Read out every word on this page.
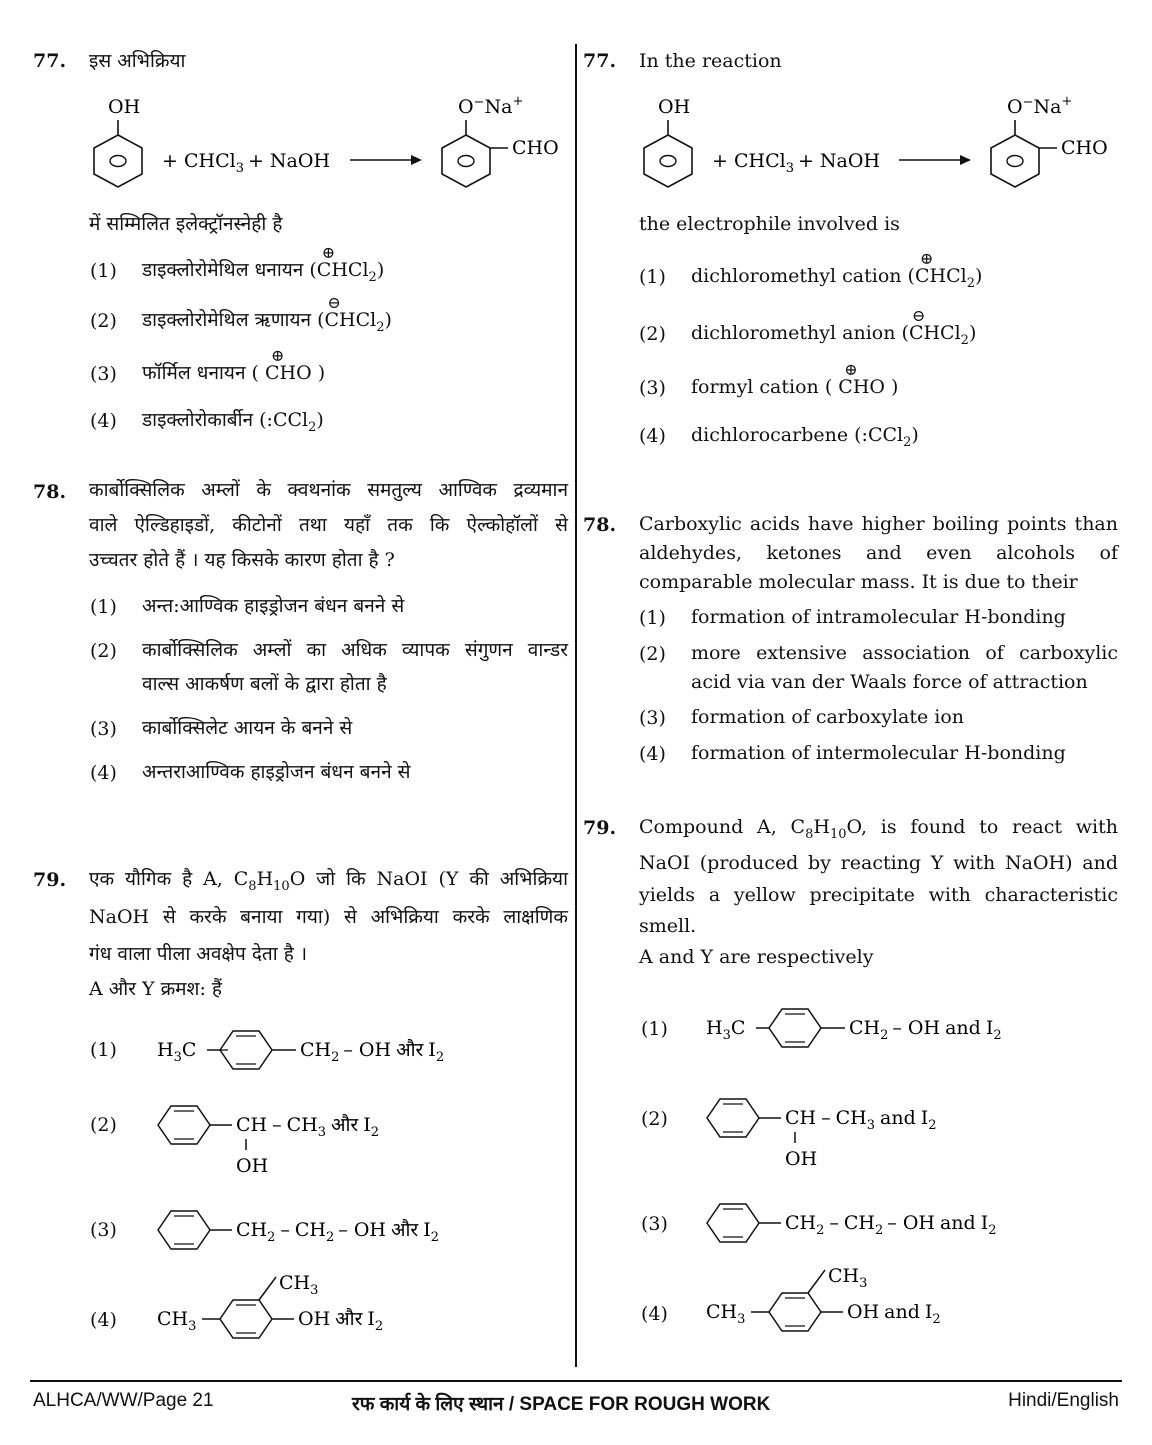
77. इस अभिक्रिया
OH
+ CHCl$_3$ + NaOH
O−Na+
CHO
में सम्मिलित इलेक्ट्रॉनस्नेही है
(1) डाइक्लोरोमेथिल धनायन (
⊕
CHCl$_2$)
(2) डाइक्लोरोमेथिल ऋणायन (
⊖
CHCl$_2$)
(3) फॉर्मिल धनायन (
⊕
CHO )
(4) डाइक्लोरोकार्बीन (:CCl$_2$)
78. कार्बोक्सिलिक अम्लों के क्वथनांक समतुल्य आण्विक द्रव्यमान
वाले ऐल्डिहाइडों, कीटोनों तथा यहाँ तक कि ऐल्कोहॉलों से
उच्चतर होते हैं । यह किसके कारण होता है ?
(1) अन्त:आण्विक हाइड्रोजन बंधन बनने से
(2) कार्बोक्सिलिक अम्लों का अधिक व्यापक संगुणन वान्डर
वाल्स आकर्षण बलों के द्वारा होता है
(3) कार्बोक्सिलेट आयन के बनने से
(4) अन्तराआण्विक हाइड्रोजन बंधन बनने से
79. एक यौगिक है A, $C_8H_{10}O$ जो कि NaOI (Y की अभिक्रिया
NaOH से करके बनाया गया) से अभिक्रिया करके लाक्षणिक
गंध वाला पीला अवक्षेप देता है ।
A और Y क्रमश: हैं
(1) $H_3C$	$CH_2$ – OH और $I_2$
(2)	CH – $CH_3$ और $I_2$
OH
(3)	$CH_2 - CH_2$ – OH और $I_2$
(4) $CH_3$
$CH_3$
OH और $I_2$
77. In the reaction
OH
+ CHCl$_3$ + NaOH
O−Na+
CHO
the electrophile involved is
(1) dichloromethyl cation (
⊕
CHCl$_2$)
(2) dichloromethyl anion (
⊖
CHCl$_2$)
(3) formyl cation (
⊕
CHO )
(4) dichlorocarbene (:CCl$_2$)
78. Carboxylic acids have higher boiling points than
aldehydes, ketones and even alcohols of
comparable molecular mass. It is due to their
(1) formation of intramolecular H-bonding
(2) more extensive association of carboxylic
acid via van der Waals force of attraction
(3) formation of carboxylate ion
(4) formation of intermolecular H-bonding
79. Compound A, $C_8H_{10}O$, is found to react with
NaOI (produced by reacting Y with NaOH) and
yields a yellow precipitate with characteristic
smell.
A and Y are respectively
(1) $H_3C$	$CH_2$ – OH and $I_2$
(2)	CH – $CH_3$ and $I_2$
OH
(3)	$CH_2 - CH_2$ – OH and $I_2$
(4) $CH_3$
$CH_3$
OH and $I_2$
ALHCA/WW/Page 21	रफ कार्य के लिए स्थान / SPACE FOR ROUGH WORK	Hindi/English
